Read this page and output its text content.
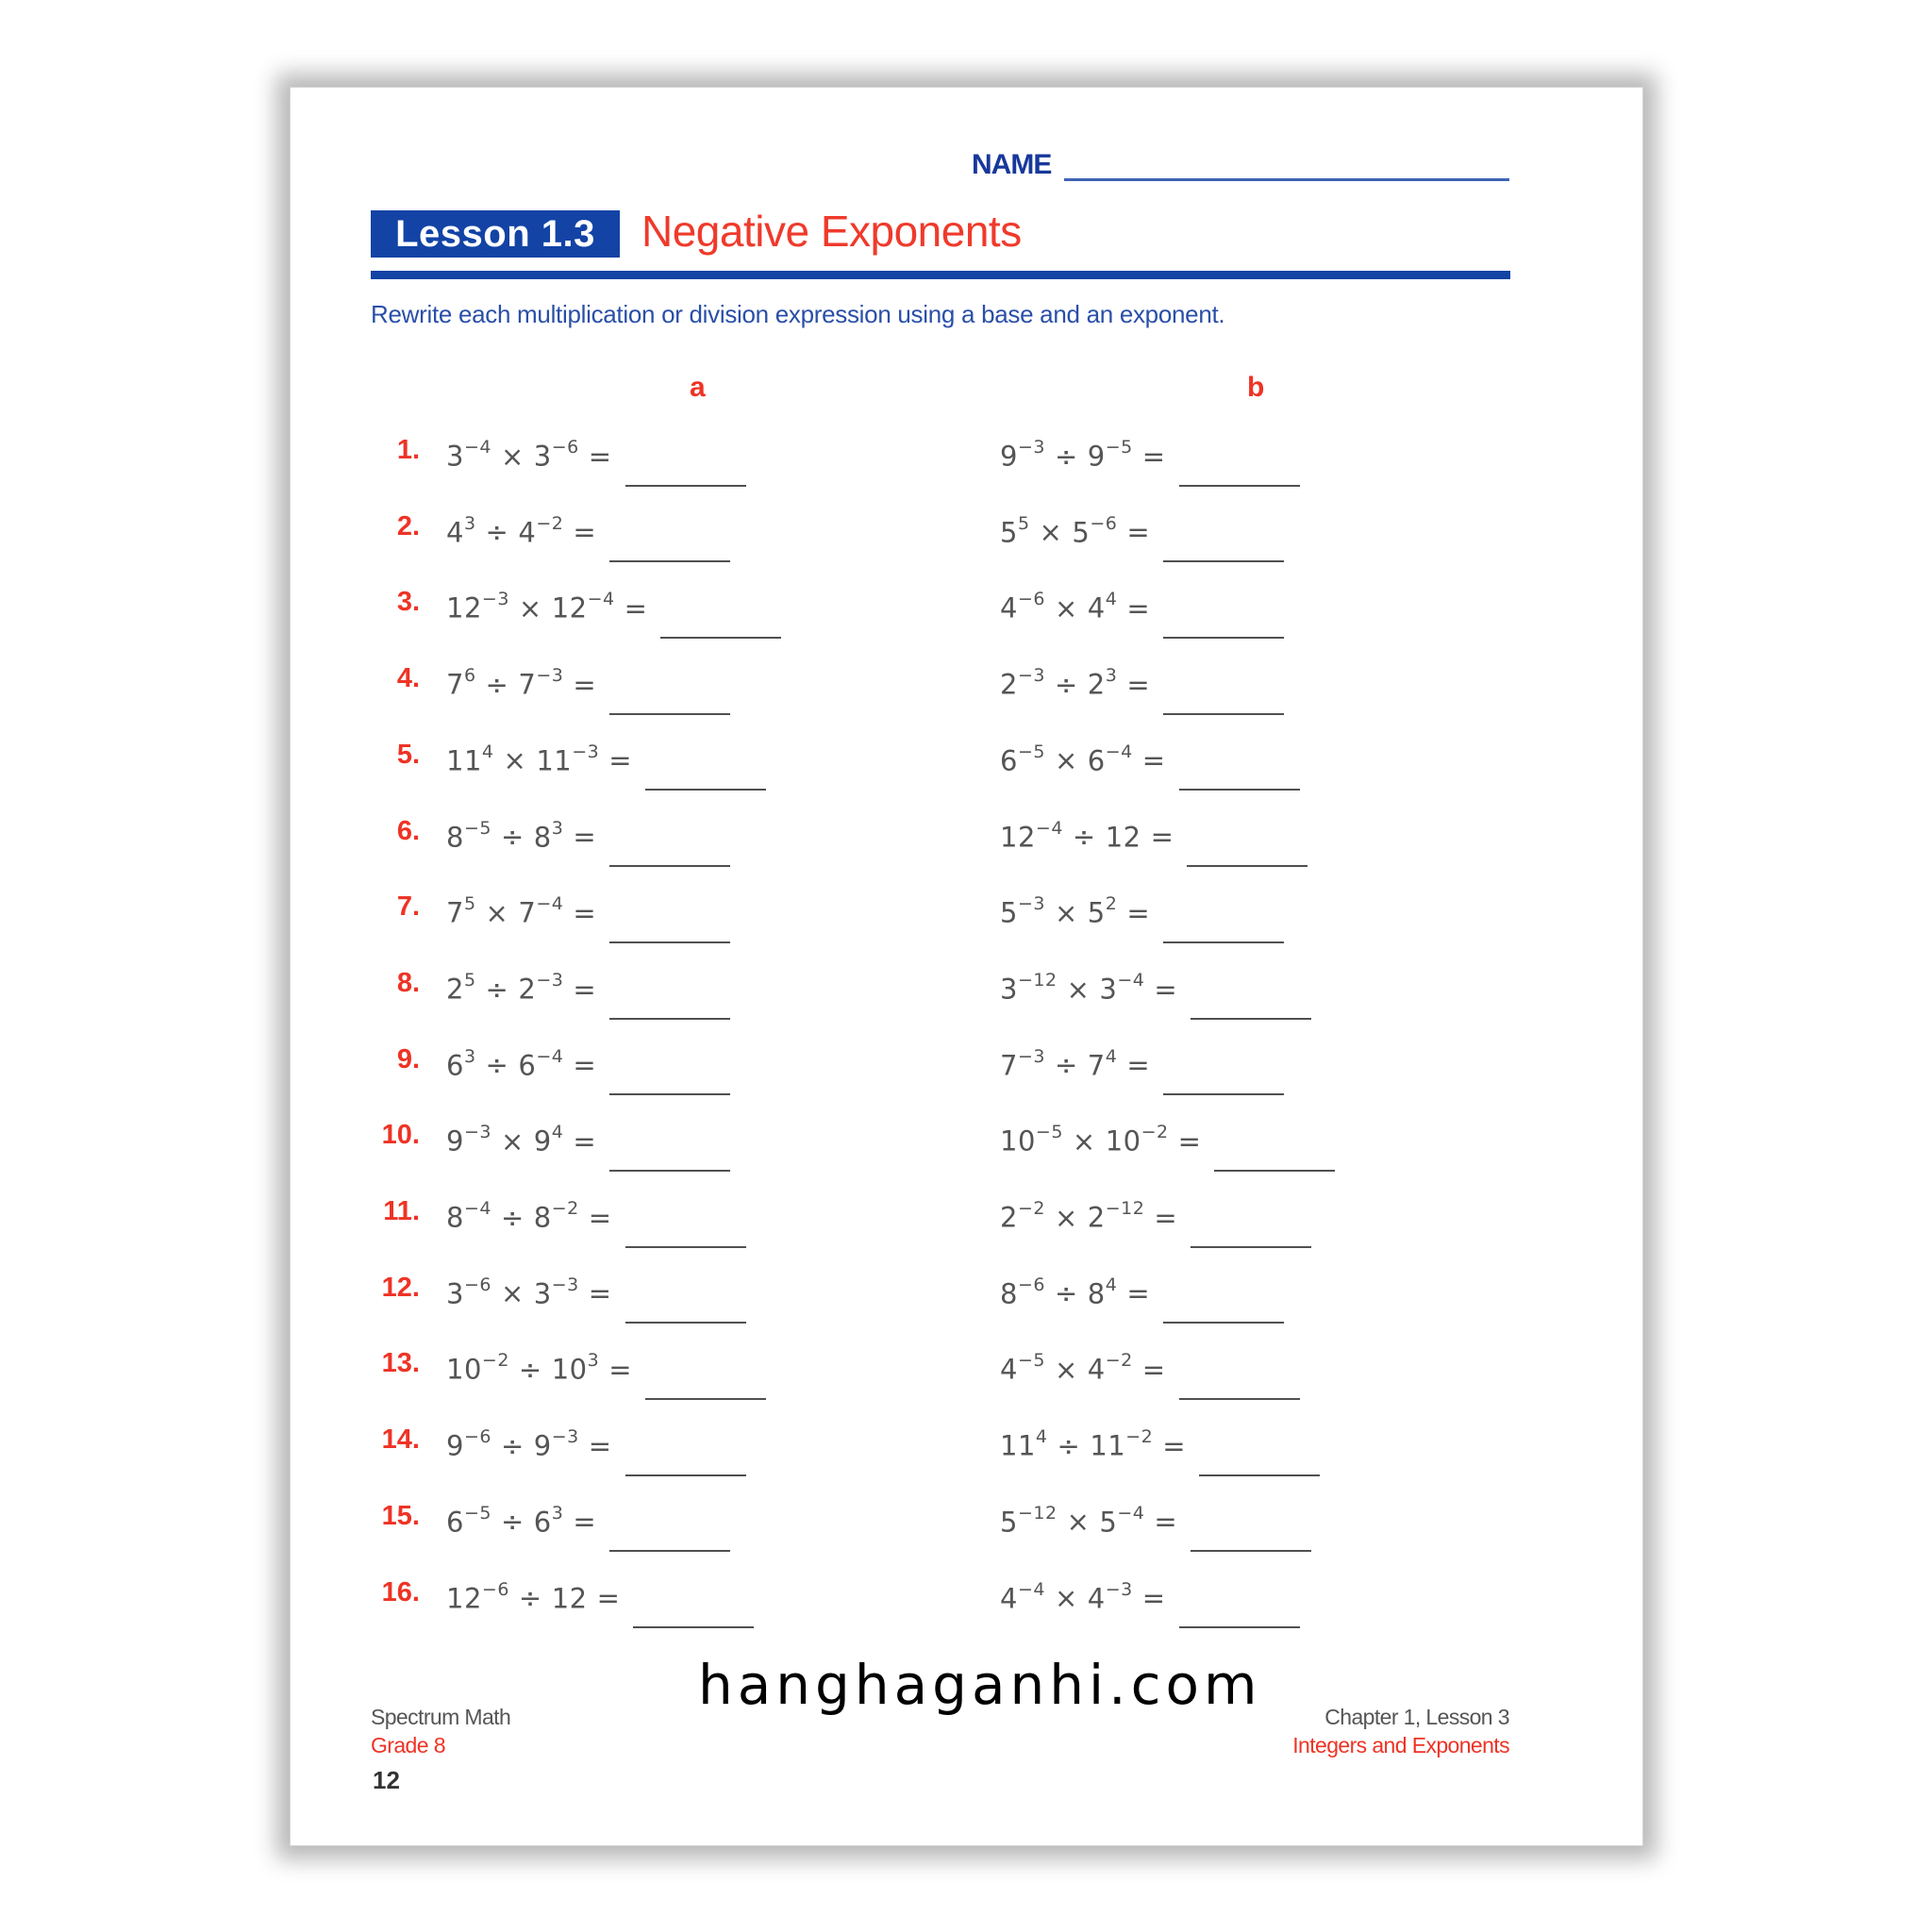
NAME
Lesson 1.3	Negative Exponents
Rewrite each multiplication or division expression using a base and an exponent.
a	b
1. $3^{-4} \times 3^{-6}$ =	$9^{-3} \div 9^{-5}$ =
2. $4^3 \div 4^{-2}$ =	$5^5 \times 5^{-6}$ =
3. $12^{-3} \times 12^{-4}$ =	$4^{-6} \times 4^4$ =
4. $7^6 \div 7^{-3}$ =	$2^{-3} \div 2^3$ =
5. $11^4 \times 11^{-3}$ =	$6^{-5} \times 6^{-4}$ =
6. $8^{-5} \div 8^3$ =	$12^{-4} \div 12$ =
7. $7^5 \times 7^{-4}$ =	$5^{-3} \times 5^2$ =
8. $2^5 \div 2^{-3}$ =	$3^{-12} \times 3^{-4}$ =
9. $6^3 \div 6^{-4}$ =	$7^{-3} \div 7^4$ =
10. $9^{-3} \times 9^4$ =	$10^{-5} \times 10^{-2}$ =
11. $8^{-4} \div 8^{-2}$ =	$2^{-2} \times 2^{-12}$ =
12. $3^{-6} \times 3^{-3}$ =	$8^{-6} \div 8^4$ =
13. $10^{-2} \div 10^3$ =	$4^{-5} \times 4^{-2}$ =
14. $9^{-6} \div 9^{-3}$ =	$11^4 \div 11^{-2}$ =
15. $6^{-5} \div 6^3$ =	$5^{-12} \times 5^{-4}$ =
16. $12^{-6} \div 12$ =	$4^{-4} \times 4^{-3}$ =
Spectrum Math
Grade 8
12
Chapter 1, Lesson 3
Integers and Exponents
hanghaganhi.com
